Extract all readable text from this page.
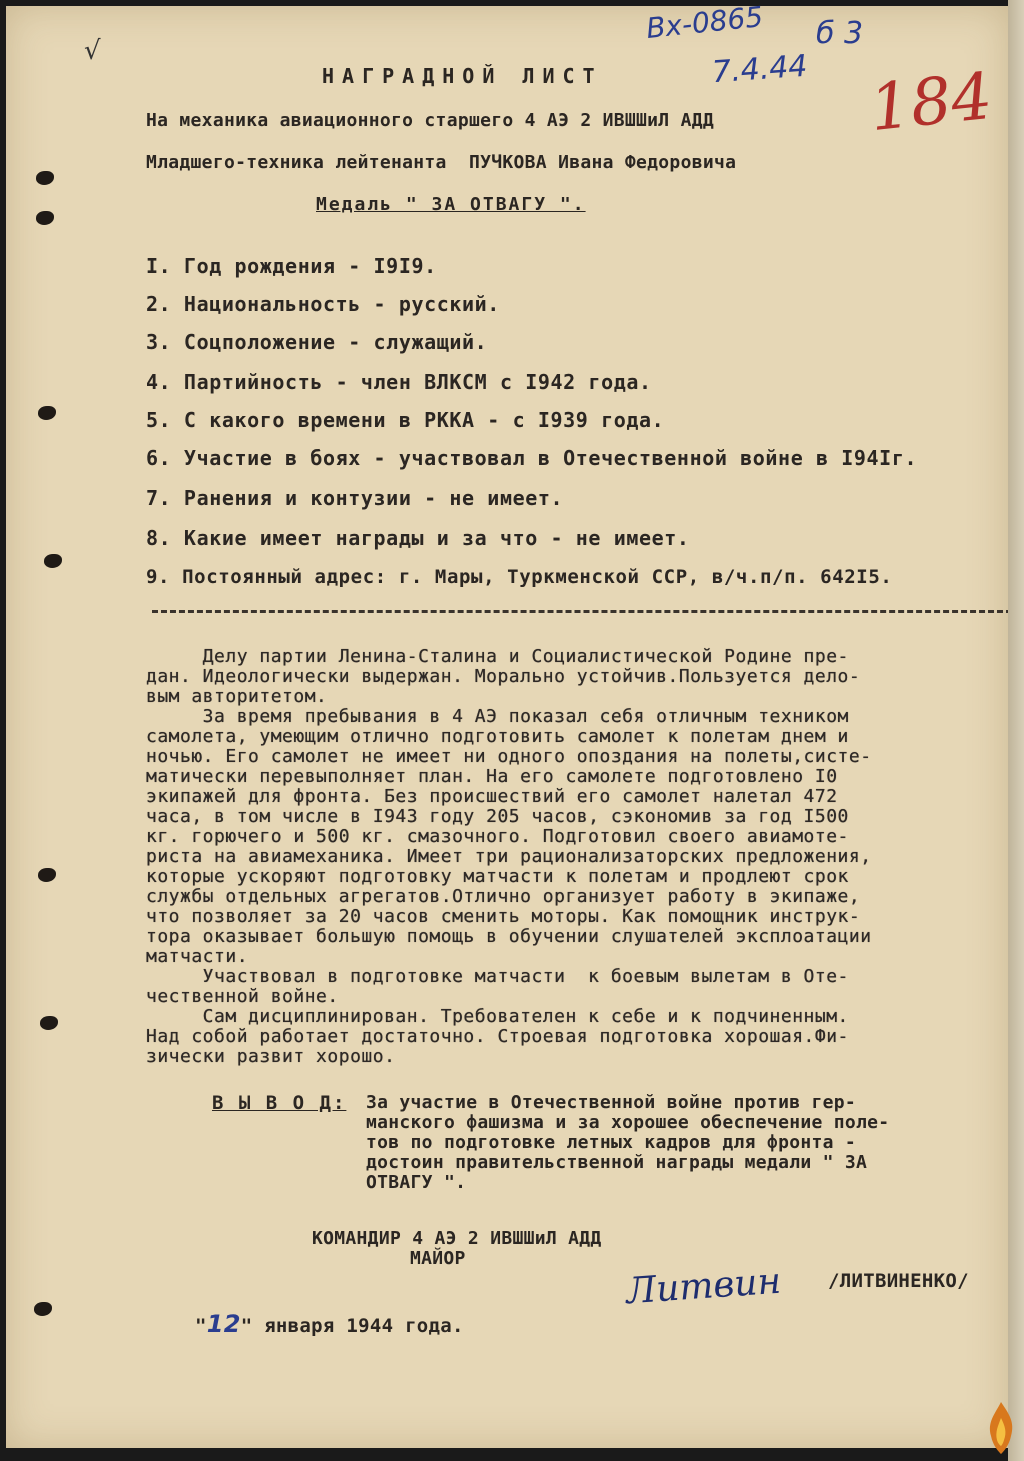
√
Вх-0865 б 3
7.4.44 184
НАГРАДНОЙ ЛИСТ
На механика авиационного старшего 4 АЭ 2 ИВШШиЛ АДД
Младшего-техника лейтенанта  ПУЧКОВА Ивана Федоровича
Медаль " ЗА ОТВАГУ ".
I. Год рождения - I9I9.
2. Национальность - русский.
3. Соцположение - служащий.
4. Партийность - член ВЛКСМ с I942 года.
5. С какого времени в РККА - с I939 года.
6. Участие в боях - участвовал в Отечественной войне в I94Iг.
7. Ранения и контузии - не имеет.
8. Какие имеет награды и за что - не имеет.
9. Постоянный адрес: г. Мары, Туркменской ССР, в/ч.п/п. 642I5.
Делу партии Ленина-Сталина и Социалистической Родине пре-
дан. Идеологически выдержан. Морально устойчив.Пользуется дело-
вым авторитетом.
За время пребывания в 4 АЭ показал себя отличным техником
самолета, умеющим отлично подготовить самолет к полетам днем и
ночью. Его самолет не имеет ни одного опоздания на полеты,систе-
матически перевыполняет план. На его самолете подготовлено I0
экипажей для фронта. Без происшествий его самолет налетал 472
часа, в том числе в I943 году 205 часов, сэкономив за год I500
кг. горючего и 500 кг. смазочного. Подготовил своего авиамоте-
риста на авиамеханика. Имеет три рационализаторских предложения,
которые ускоряют подготовку матчасти к полетам и продлеют срок
службы отдельных агрегатов.Отлично организует работу в экипаже,
что позволяет за 20 часов сменить моторы. Как помощник инструк-
тора оказывает большую помощь в обучении слушателей эксплоатации
матчасти.
Участвовал в подготовке матчасти  к боевым вылетам в Оте-
чественной войне.
Сам дисциплинирован. Требователен к себе и к подчиненным.
Над собой работает достаточно. Строевая подготовка хорошая.Фи-
зически развит хорошо.
В Ы В О Д: За участие в Отечественной войне против гер-
манского фашизма и за хорошее обеспечение поле-
тов по подготовке летных кадров для фронта -
достоин правительственной награды медали " ЗА
ОТВАГУ ".
КОМАНДИР 4 АЭ 2 ИВШШиЛ АДД
МАЙОР
Литвин /ЛИТВИНЕНКО/

"12" января 1944 года.
